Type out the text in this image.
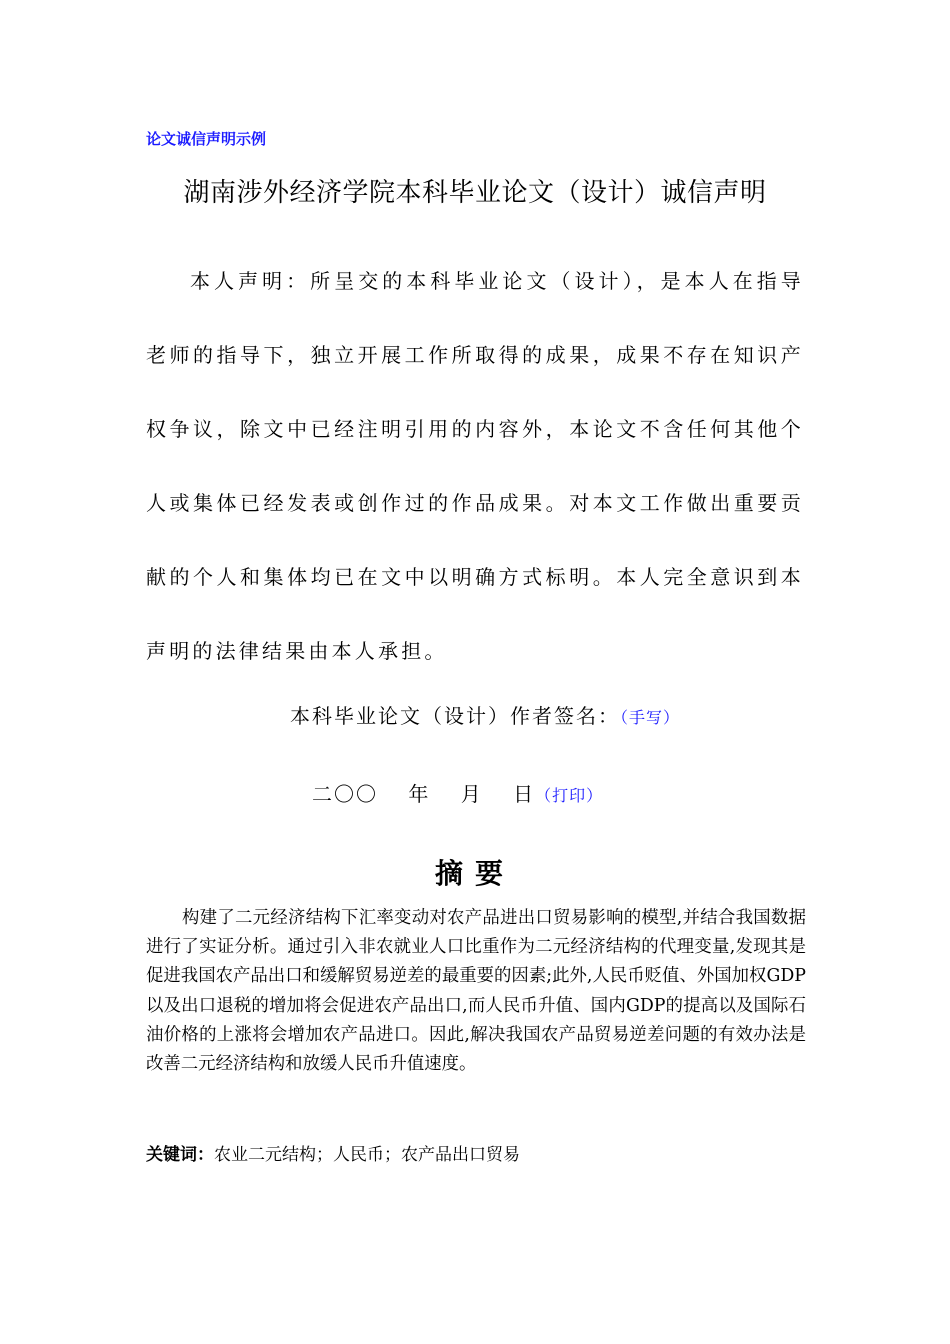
论文诚信声明示例
湖南涉外经济学院本科毕业论文（设计）诚信声明

本人声明：所呈交的本科毕业论文（设计），是本人在指导老师的指导下，独立开展工作所取得的成果，成果不存在知识产权争议，除文中已经注明引用的内容外，本论文不含任何其他个人或集体已经发表或创作过的作品成果。对本文工作做出重要贡献的个人和集体均已在文中以明确方式标明。本人完全意识到本声明的法律结果由本人承担。

本科毕业论文（设计）作者签名：（手写）
二〇〇 年 月 日（打印）
摘要

构建了二元经济结构下汇率变动对农产品进出口贸易影响的模型,并结合我国数据进行了实证分析。通过引入非农就业人口比重作为二元经济结构的代理变量,发现其是促进我国农产品出口和缓解贸易逆差的最重要的因素;此外,人民币贬值、外国加权GDP以及出口退税的增加将会促进农产品出口,而人民币升值、国内GDP的提高以及国际石油价格的上涨将会增加农产品进口。因此,解决我国农产品贸易逆差问题的有效办法是改善二元经济结构和放缓人民币升值速度。

关键词：农业二元结构；人民币；农产品出口贸易
